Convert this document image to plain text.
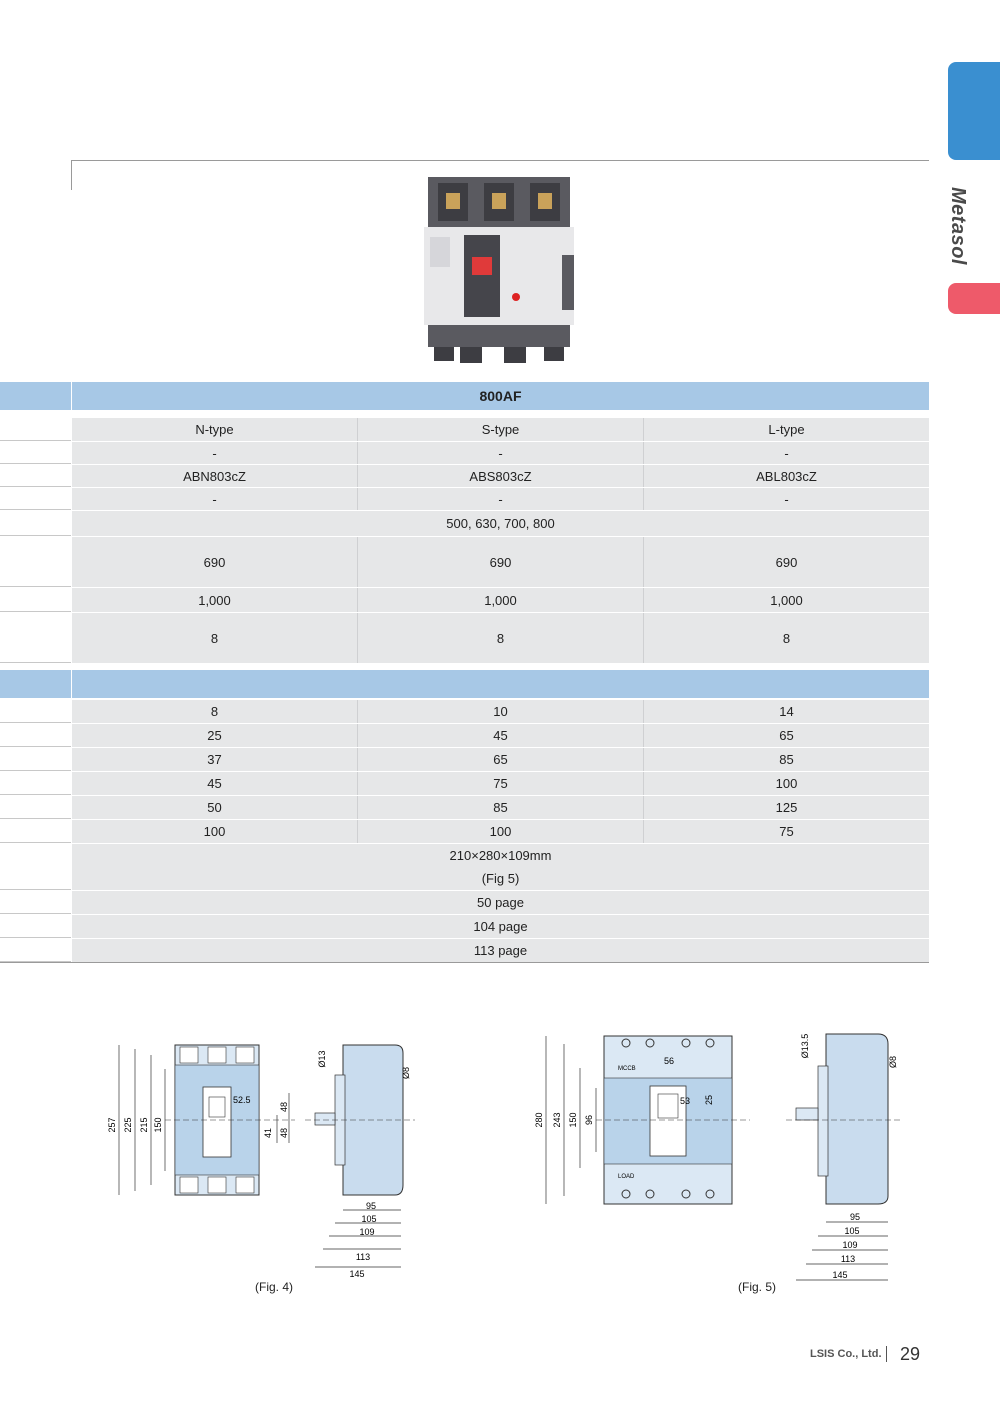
Metasol
800AF
N-type	S-type	L-type
-	-	-
ABN803cZ	ABS803cZ	ABL803cZ
-	-	-
500, 630, 700, 800
690	690	690
1,000	1,000	1,000
8	8	8
8	10	14
25	45	65
37	65	85
45	75	100
50	85	125
100	100	75
210×280×109mm
(Fig 5)
50 page
104 page
113 page
257 225 215 150
52.5
48
41 48
Ø13
Ø8
95
105
109
113
145
(Fig. 4)
MCCB
LOAD
280 243 150 96
56
53 25
Ø13.5
Ø8
95
105
109
113
145
(Fig. 5)
LSIS Co., Ltd. 29
